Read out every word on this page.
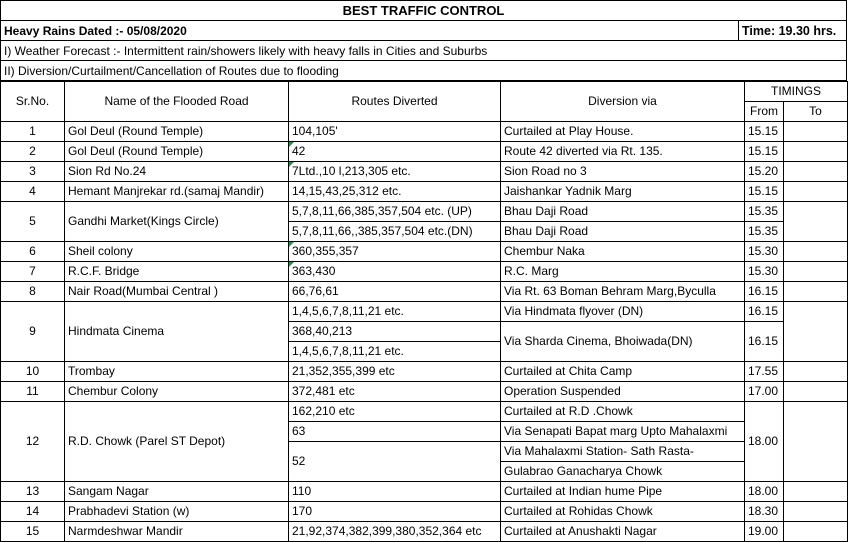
BEST TRAFFIC CONTROL
Heavy Rains Dated :- 05/08/2020	Time: 19.30 hrs.
I) Weather Forecast :- Intermittent rain/showers likely with heavy falls in Cities and Suburbs
II) Diversion/Curtailment/Cancellation of Routes due to flooding
Sr.No.	Name of the Flooded Road	Routes Diverted	Diversion via	TIMINGS	
				From	To
1	Gol Deul (Round Temple)	104,105'	Curtailed at Play House.	15.15	
2	Gol Deul (Round Temple)	42	Route 42 diverted via Rt. 135.	15.15	
3	Sion Rd No.24	7Ltd.,10 l,213,305 etc.	Sion Road no 3	15.20	
4	Hemant Manjrekar rd.(samaj Mandir)	14,15,43,25,312 etc.	Jaishankar Yadnik Marg	15.15	
5	Gandhi Market(Kings Circle)	5,7,8,11,66,385,357,504 etc. (UP)	Bhau Daji Road	15.35	
		5,7,8,11,66,,385,357,504 etc.(DN)	Bhau Daji Road	15.35	
6	Sheil colony	360,355,357	Chembur Naka	15.30	
7	R.C.F. Bridge	363,430	R.C. Marg	15.30	
8	Nair Road(Mumbai Central )	66,76,61	Via Rt. 63 Boman Behram Marg,Byculla	16.15	
9	Hindmata Cinema	1,4,5,6,7,8,11,21 etc.	Via Hindmata flyover (DN)	16.15	
		368,40,213	Via Sharda Cinema, Bhoiwada(DN)	16.15	
		1,4,5,6,7,8,11,21 etc.			
10	Trombay	21,352,355,399 etc	Curtailed at Chita Camp	17.55	
11	Chembur Colony	372,481 etc	Operation Suspended	17.00	
12	R.D. Chowk (Parel ST Depot)	162,210 etc	Curtailed at R.D .Chowk	18.00	
		63	Via Senapati Bapat marg Upto Mahalaxmi		
		52	Via Mahalaxmi Station- Sath Rasta-		
			Gulabrao Ganacharya Chowk		
13	Sangam Nagar	110	Curtailed at Indian hume Pipe	18.00	
14	Prabhadevi Station (w)	170	Curtailed at Rohidas Chowk	18.30	
15	Narmdeshwar Mandir	21,92,374,382,399,380,352,364 etc	Curtailed at Anushakti Nagar	19.00	
